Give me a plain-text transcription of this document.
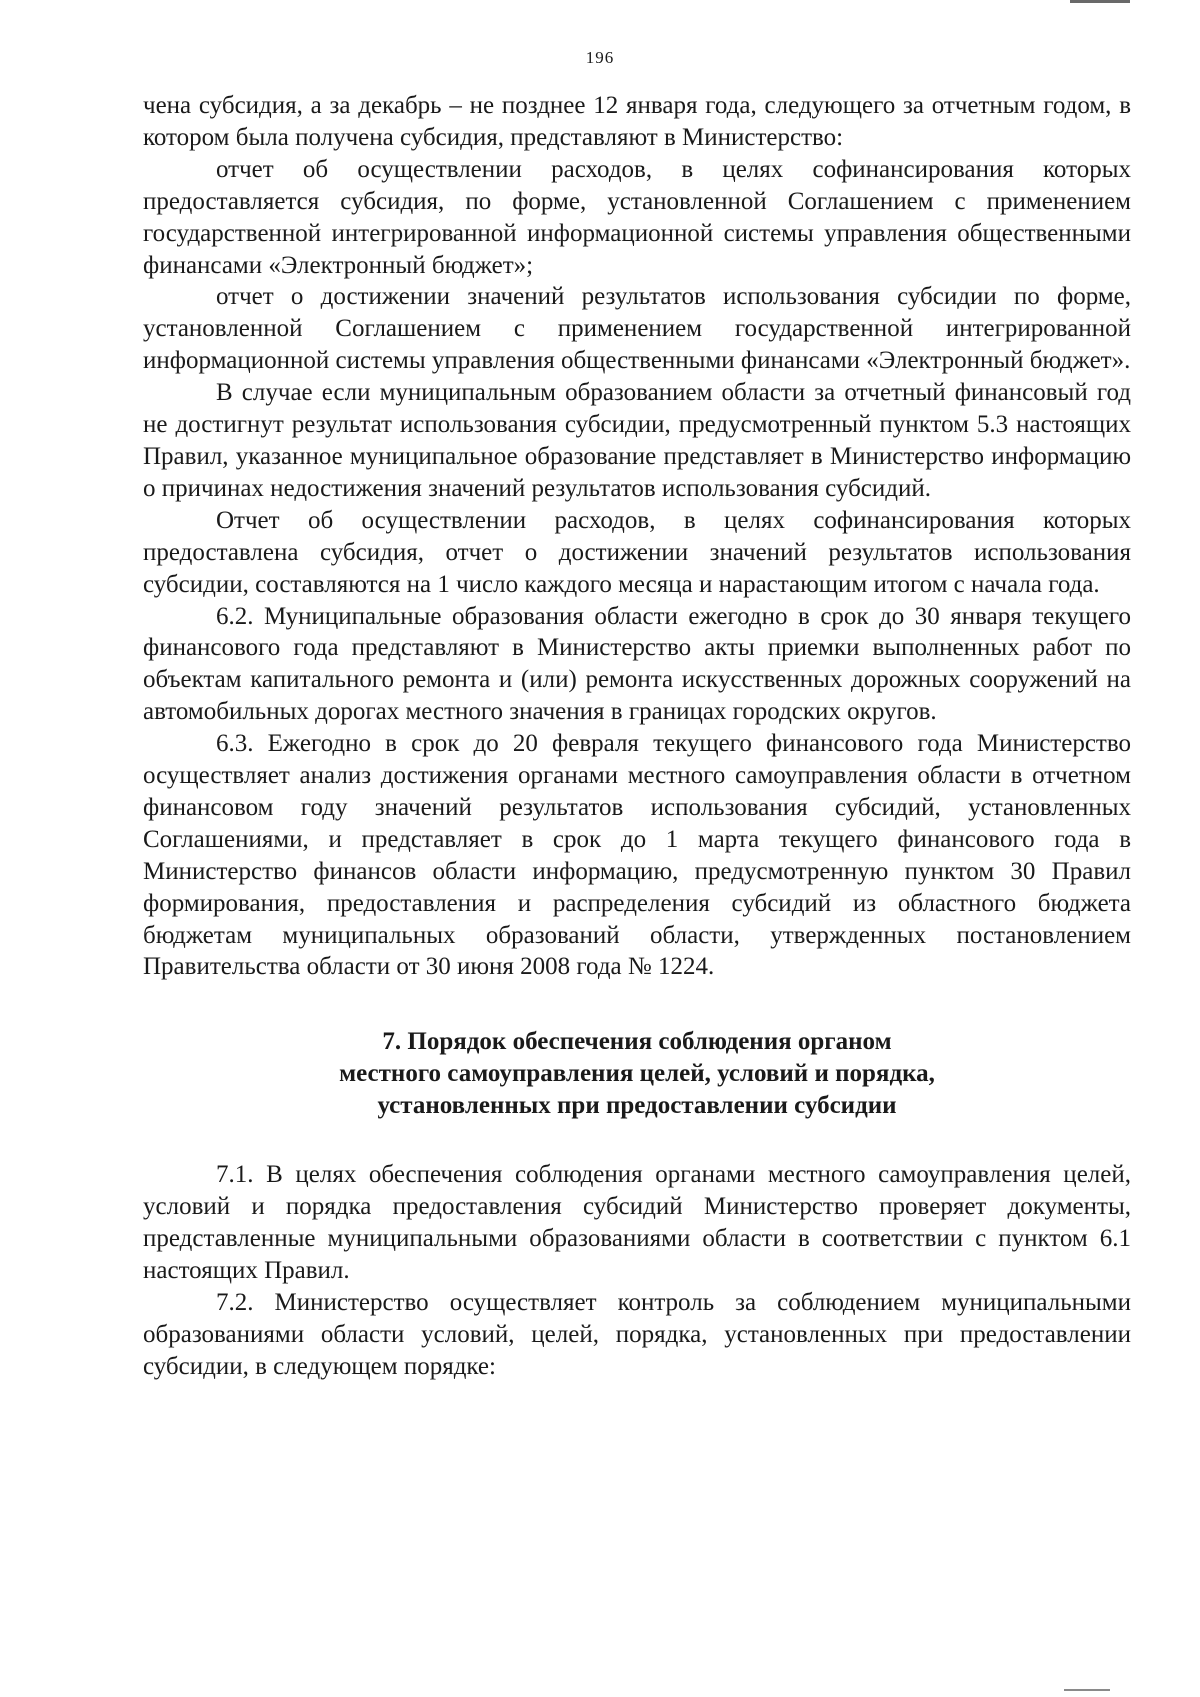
196

чена субсидия, а за декабрь – не позднее 12 января года, следующего за отчетным годом, в котором была получена субсидия, представляют в Министерство:

отчет об осуществлении расходов, в целях софинансирования которых предоставляется субсидия, по форме, установленной Соглашением с применением государственной интегрированной информационной системы управления общественными финансами «Электронный бюджет»;

отчет о достижении значений результатов использования субсидии по форме, установленной Соглашением с применением государственной интегрированной информационной системы управления общественными финансами «Электронный бюджет».

В случае если муниципальным образованием области за отчетный финансовый год не достигнут результат использования субсидии, предусмотренный пунктом 5.3 настоящих Правил, указанное муниципальное образование представляет в Министерство информацию о причинах недостижения значений результатов использования субсидий.

Отчет об осуществлении расходов, в целях софинансирования которых предоставлена субсидия, отчет о достижении значений результатов использования субсидии, составляются на 1 число каждого месяца и нарастающим итогом с начала года.

6.2. Муниципальные образования области ежегодно в срок до 30 января текущего финансового года представляют в Министерство акты приемки выполненных работ по объектам капитального ремонта и (или) ремонта искусственных дорожных сооружений на автомобильных дорогах местного значения в границах городских округов.

6.3. Ежегодно в срок до 20 февраля текущего финансового года Министерство осуществляет анализ достижения органами местного самоуправления области в отчетном финансовом году значений результатов использования субсидий, установленных Соглашениями, и представляет в срок до 1 марта текущего финансового года в Министерство финансов области информацию, предусмотренную пунктом 30 Правил формирования, предоставления и распределения субсидий из областного бюджета бюджетам муниципальных образований области, утвержденных постановлением Правительства области от 30 июня 2008 года № 1224.

7. Порядок обеспечения соблюдения органом
местного самоуправления целей, условий и порядка,
установленных при предоставлении субсидии

7.1. В целях обеспечения соблюдения органами местного самоуправления целей, условий и порядка предоставления субсидий Министерство проверяет документы, представленные муниципальными образованиями области в соответствии с пунктом 6.1 настоящих Правил.

7.2. Министерство осуществляет контроль за соблюдением муниципальными образованиями области условий, целей, порядка, установленных при предоставлении субсидии, в следующем порядке:
